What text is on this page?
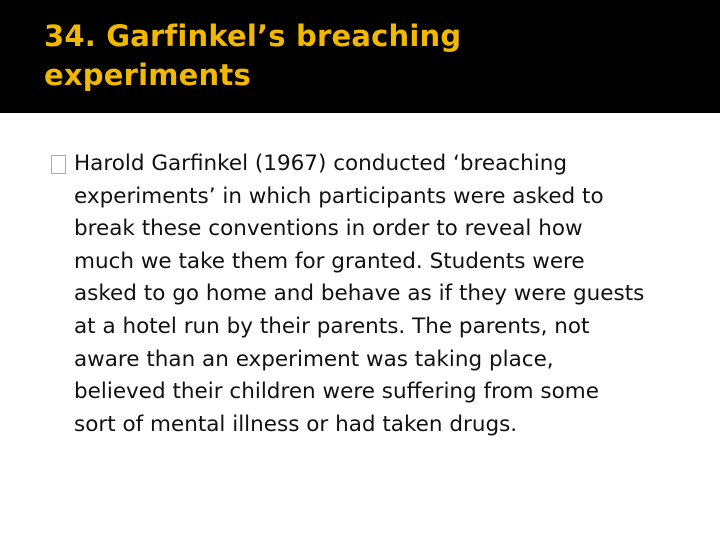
34. Garfinkel’s breaching
experiments

Harold Garfinkel (1967) conducted ‘breaching
experiments’ in which participants were asked to
break these conventions in order to reveal how
much we take them for granted. Students were
asked to go home and behave as if they were guests
at a hotel run by their parents. The parents, not
aware than an experiment was taking place,
believed their children were suffering from some
sort of mental illness or had taken drugs.
